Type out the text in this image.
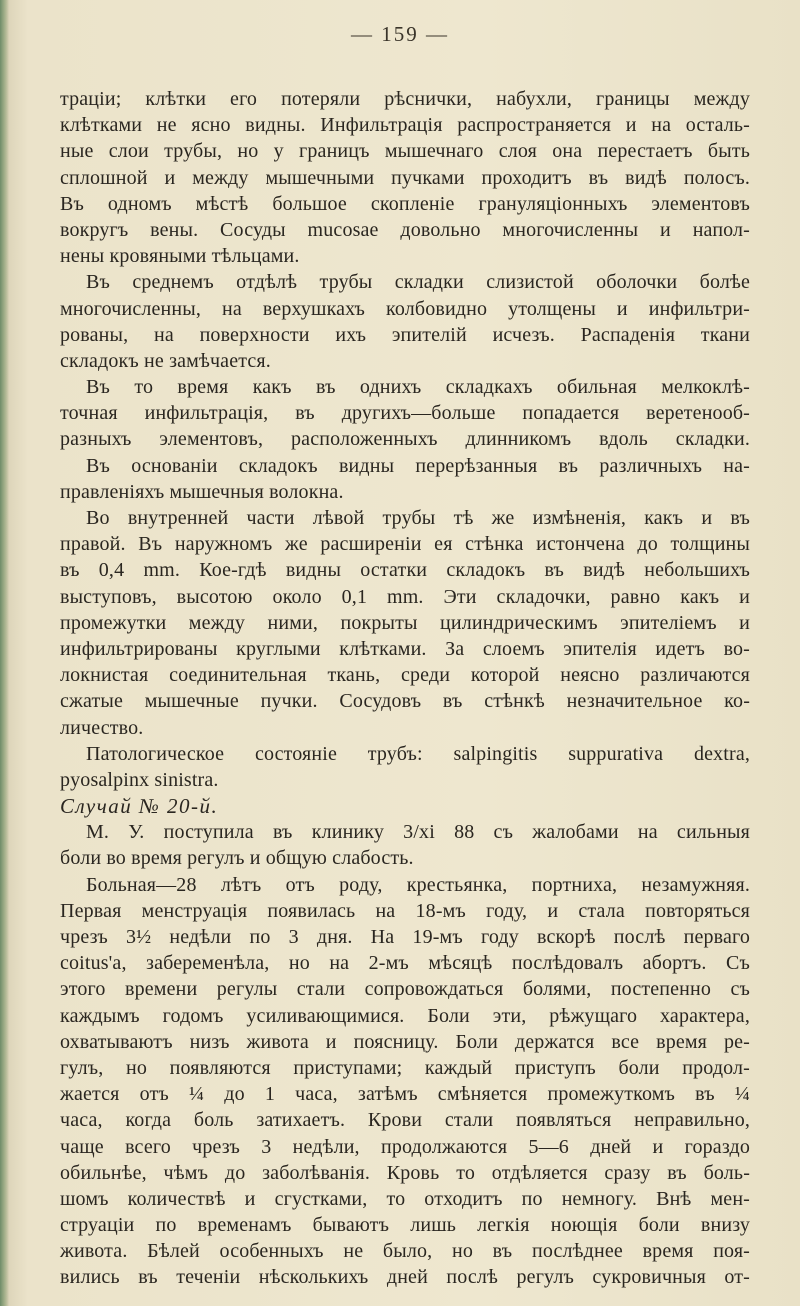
— 159 —
траціи; клѣтки его потеряли рѣснички, набухли, границы между
клѣтками не ясно видны. Инфильтрація распространяется и на осталь-
ные слои трубы, но у границъ мышечнаго слоя она перестаетъ быть
сплошной и между мышечными пучками проходитъ въ видѣ полосъ.
Въ одномъ мѣстѣ большое скопленіе грануляціонныхъ элементовъ
вокругъ вены. Сосуды mucosae довольно многочисленны и напол-
нены кровяными тѣльцами.
Въ среднемъ отдѣлѣ трубы складки слизистой оболочки болѣе
многочисленны, на верхушкахъ колбовидно утолщены и инфильтри-
рованы, на поверхности ихъ эпителій исчезъ. Распаденія ткани
складокъ не замѣчается.
Въ то время какъ въ однихъ складкахъ обильная мелкоклѣ-
точная инфильтрація, въ другихъ—больше попадается веретенооб-
разныхъ элементовъ, расположенныхъ длинникомъ вдоль складки.
Въ основаніи складокъ видны перерѣзанныя въ различныхъ на-
правленіяхъ мышечныя волокна.
Во внутренней части лѣвой трубы тѣ же измѣненія, какъ и въ
правой. Въ наружномъ же расширеніи ея стѣнка истончена до толщины
въ 0,4 mm. Кое-гдѣ видны остатки складокъ въ видѣ небольшихъ
выступовъ, высотою около 0,1 mm. Эти складочки, равно какъ и
промежутки между ними, покрыты цилиндрическимъ эпителіемъ и
инфильтрированы круглыми клѣтками. За слоемъ эпителія идетъ во-
локнистая соединительная ткань, среди которой неясно различаются
сжатые мышечные пучки. Сосудовъ въ стѣнкѣ незначительное ко-
личество.
Патологическое состояніе трубъ: salpingitis suppurativa dextra,
pyosalpinx sinistra.
Случай № 20-й.
М. У. поступила въ клинику 3/xi 88 съ жалобами на сильныя
боли во время регулъ и общую слабость.
Больная—28 лѣтъ отъ роду, крестьянка, портниха, незамужняя.
Первая менструація появилась на 18-мъ году, и стала повторяться
чрезъ 3½ недѣли по 3 дня. На 19-мъ году вскорѣ послѣ перваго
coitus'а, забеременѣла, но на 2-мъ мѣсяцѣ послѣдовалъ абортъ. Съ
этого времени регулы стали сопровождаться болями, постепенно съ
каждымъ годомъ усиливающимися. Боли эти, рѣжущаго характера,
охватываютъ низъ живота и поясницу. Боли держатся все время ре-
гулъ, но появляются приступами; каждый приступъ боли продол-
жается отъ ¼ до 1 часа, затѣмъ смѣняется промежуткомъ въ ¼
часа, когда боль затихаетъ. Крови стали появляться неправильно,
чаще всего чрезъ 3 недѣли, продолжаются 5—6 дней и гораздо
обильнѣе, чѣмъ до заболѣванія. Кровь то отдѣляется сразу въ боль-
шомъ количествѣ и сгустками, то отходитъ по немногу. Внѣ мен-
струаціи по временамъ бываютъ лишь легкія ноющія боли внизу
живота. Бѣлей особенныхъ не было, но въ послѣднее время поя-
вились въ теченіи нѣсколькихъ дней послѣ регулъ сукровичныя от-
